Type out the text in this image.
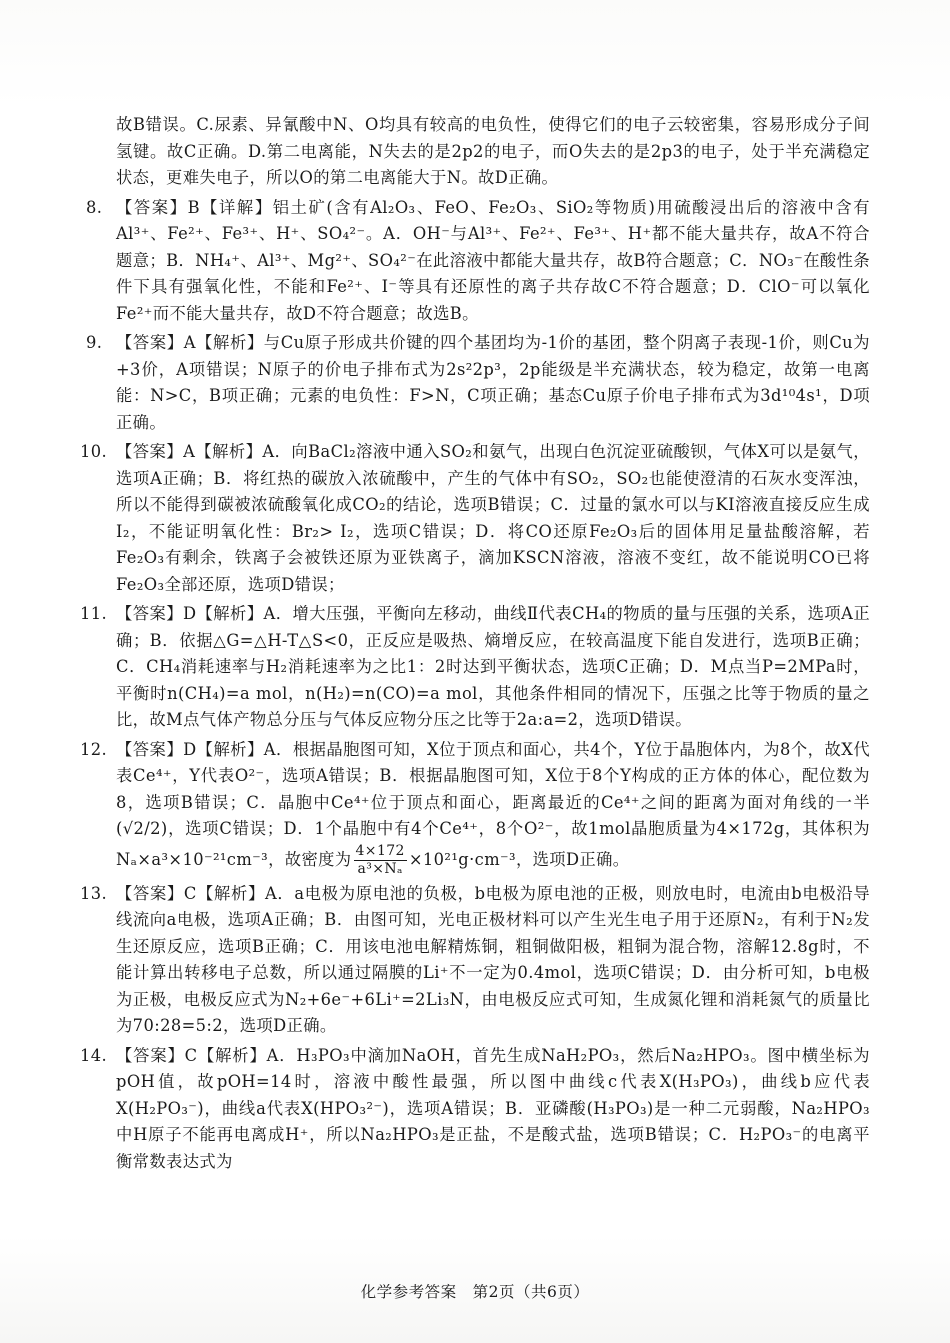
故B错误。C.尿素、异氰酸中N、O均具有较高的电负性，使得它们的电子云较密集，容易形成分子间氢键。故C正确。D.第二电离能，N失去的是2p2的电子，而O失去的是2p3的电子，处于半充满稳定状态，更难失电子，所以O的第二电离能大于N。故D正确。

8. 【答案】B【详解】铝土矿(含有Al₂O₃、FeO、Fe₂O₃、SiO₂等物质)用硫酸浸出后的溶液中含有Al³⁺、Fe²⁺、Fe³⁺、H⁺、SO₄²⁻。A．OH⁻与Al³⁺、Fe²⁺、Fe³⁺、H⁺都不能大量共存，故A不符合题意；B．NH₄⁺、Al³⁺、Mg²⁺、SO₄²⁻在此溶液中都能大量共存，故B符合题意；C．NO₃⁻在酸性条件下具有强氧化性，不能和Fe²⁺、I⁻等具有还原性的离子共存故C不符合题意；D．ClO⁻可以氧化Fe²⁺而不能大量共存，故D不符合题意；故选B。
9. 【答案】A【解析】与Cu原子形成共价键的四个基团均为-1价的基团，整个阴离子表现-1价，则Cu为+3价，A项错误；N原子的价电子排布式为2s²2p³，2p能级是半充满状态，较为稳定，故第一电离能：N>C，B项正确；元素的电负性：F>N，C项正确；基态Cu原子价电子排布式为3d¹⁰4s¹，D项正确。
10. 【答案】A【解析】A．向BaCl₂溶液中通入SO₂和氨气，出现白色沉淀亚硫酸钡，气体X可以是氨气，选项A正确；B．将红热的碳放入浓硫酸中，产生的气体中有SO₂，SO₂也能使澄清的石灰水变浑浊，所以不能得到碳被浓硫酸氧化成CO₂的结论，选项B错误；C．过量的氯水可以与KI溶液直接反应生成I₂，不能证明氧化性：Br₂> I₂，选项C错误；D．将CO还原Fe₂O₃后的固体用足量盐酸溶解，若Fe₂O₃有剩余，铁离子会被铁还原为亚铁离子，滴加KSCN溶液，溶液不变红，故不能说明CO已将Fe₂O₃全部还原，选项D错误；
11. 【答案】D【解析】A．增大压强，平衡向左移动，曲线Ⅱ代表CH₄的物质的量与压强的关系，选项A正确；B．依据△G=△H-T△S<0，正反应是吸热、熵增反应，在较高温度下能自发进行，选项B正确；C．CH₄消耗速率与H₂消耗速率为之比1：2时达到平衡状态，选项C正确；D．M点当P=2MPa时，平衡时n(CH₄)=a mol，n(H₂)=n(CO)=a mol，其他条件相同的情况下，压强之比等于物质的量之比，故M点气体产物总分压与气体反应物分压之比等于2a:a=2，选项D错误。
12. 【答案】D【解析】A．根据晶胞图可知，X位于顶点和面心，共4个，Y位于晶胞体内，为8个，故X代表Ce⁴⁺，Y代表O²⁻，选项A错误；B．根据晶胞图可知，X位于8个Y构成的正方体的体心，配位数为8，选项B错误；C．晶胞中Ce⁴⁺位于顶点和面心，距离最近的Ce⁴⁺之间的距离为面对角线的一半(√2/2)，选项C错误；D．1个晶胞中有4个Ce⁴⁺，8个O²⁻，故1mol晶胞质量为4×172g，其体积为Nₐ×a³×10⁻²¹cm⁻³，故密度为 $\frac{4\times 172}{\text{a³×Nₐ}} \times 10^{21}g\cdot cm^{-3}$，选项D正确。
13. 【答案】C【解析】A．a电极为原电池的负极，b电极为原电池的正极，则放电时，电流由b电极沿导线流向a电极，选项A正确；B．由图可知，光电正极材料可以产生光生电子用于还原N₂，有利于N₂发生还原反应，选项B正确；C．用该电池电解精炼铜，粗铜做阳极，粗铜为混合物，溶解12.8g时，不能计算出转移电子总数，所以通过隔膜的Li⁺不一定为0.4mol，选项C错误；D．由分析可知，b电极为正极，电极反应式为N₂+6e⁻+6Li⁺=2Li₃N，由电极反应式可知，生成氮化锂和消耗氮气的质量比为70:28=5:2，选项D正确。
14. 【答案】C【解析】A．H₃PO₃中滴加NaOH，首先生成NaH₂PO₃，然后Na₂HPO₃。图中横坐标为pOH值，故pOH=14时，溶液中酸性最强，所以图中曲线c代表X(H₃PO₃)，曲线b应代表X(H₂PO₃⁻)，曲线a代表X(HPO₃²⁻)，选项A错误；B．亚磷酸(H₃PO₃)是一种二元弱酸，Na₂HPO₃中H原子不能再电离成H⁺，所以Na₂HPO₃是正盐，不是酸式盐，选项B错误；C．H₂PO₃⁻的电离平衡常数表达式为
化学参考答案　第2页（共6页）
